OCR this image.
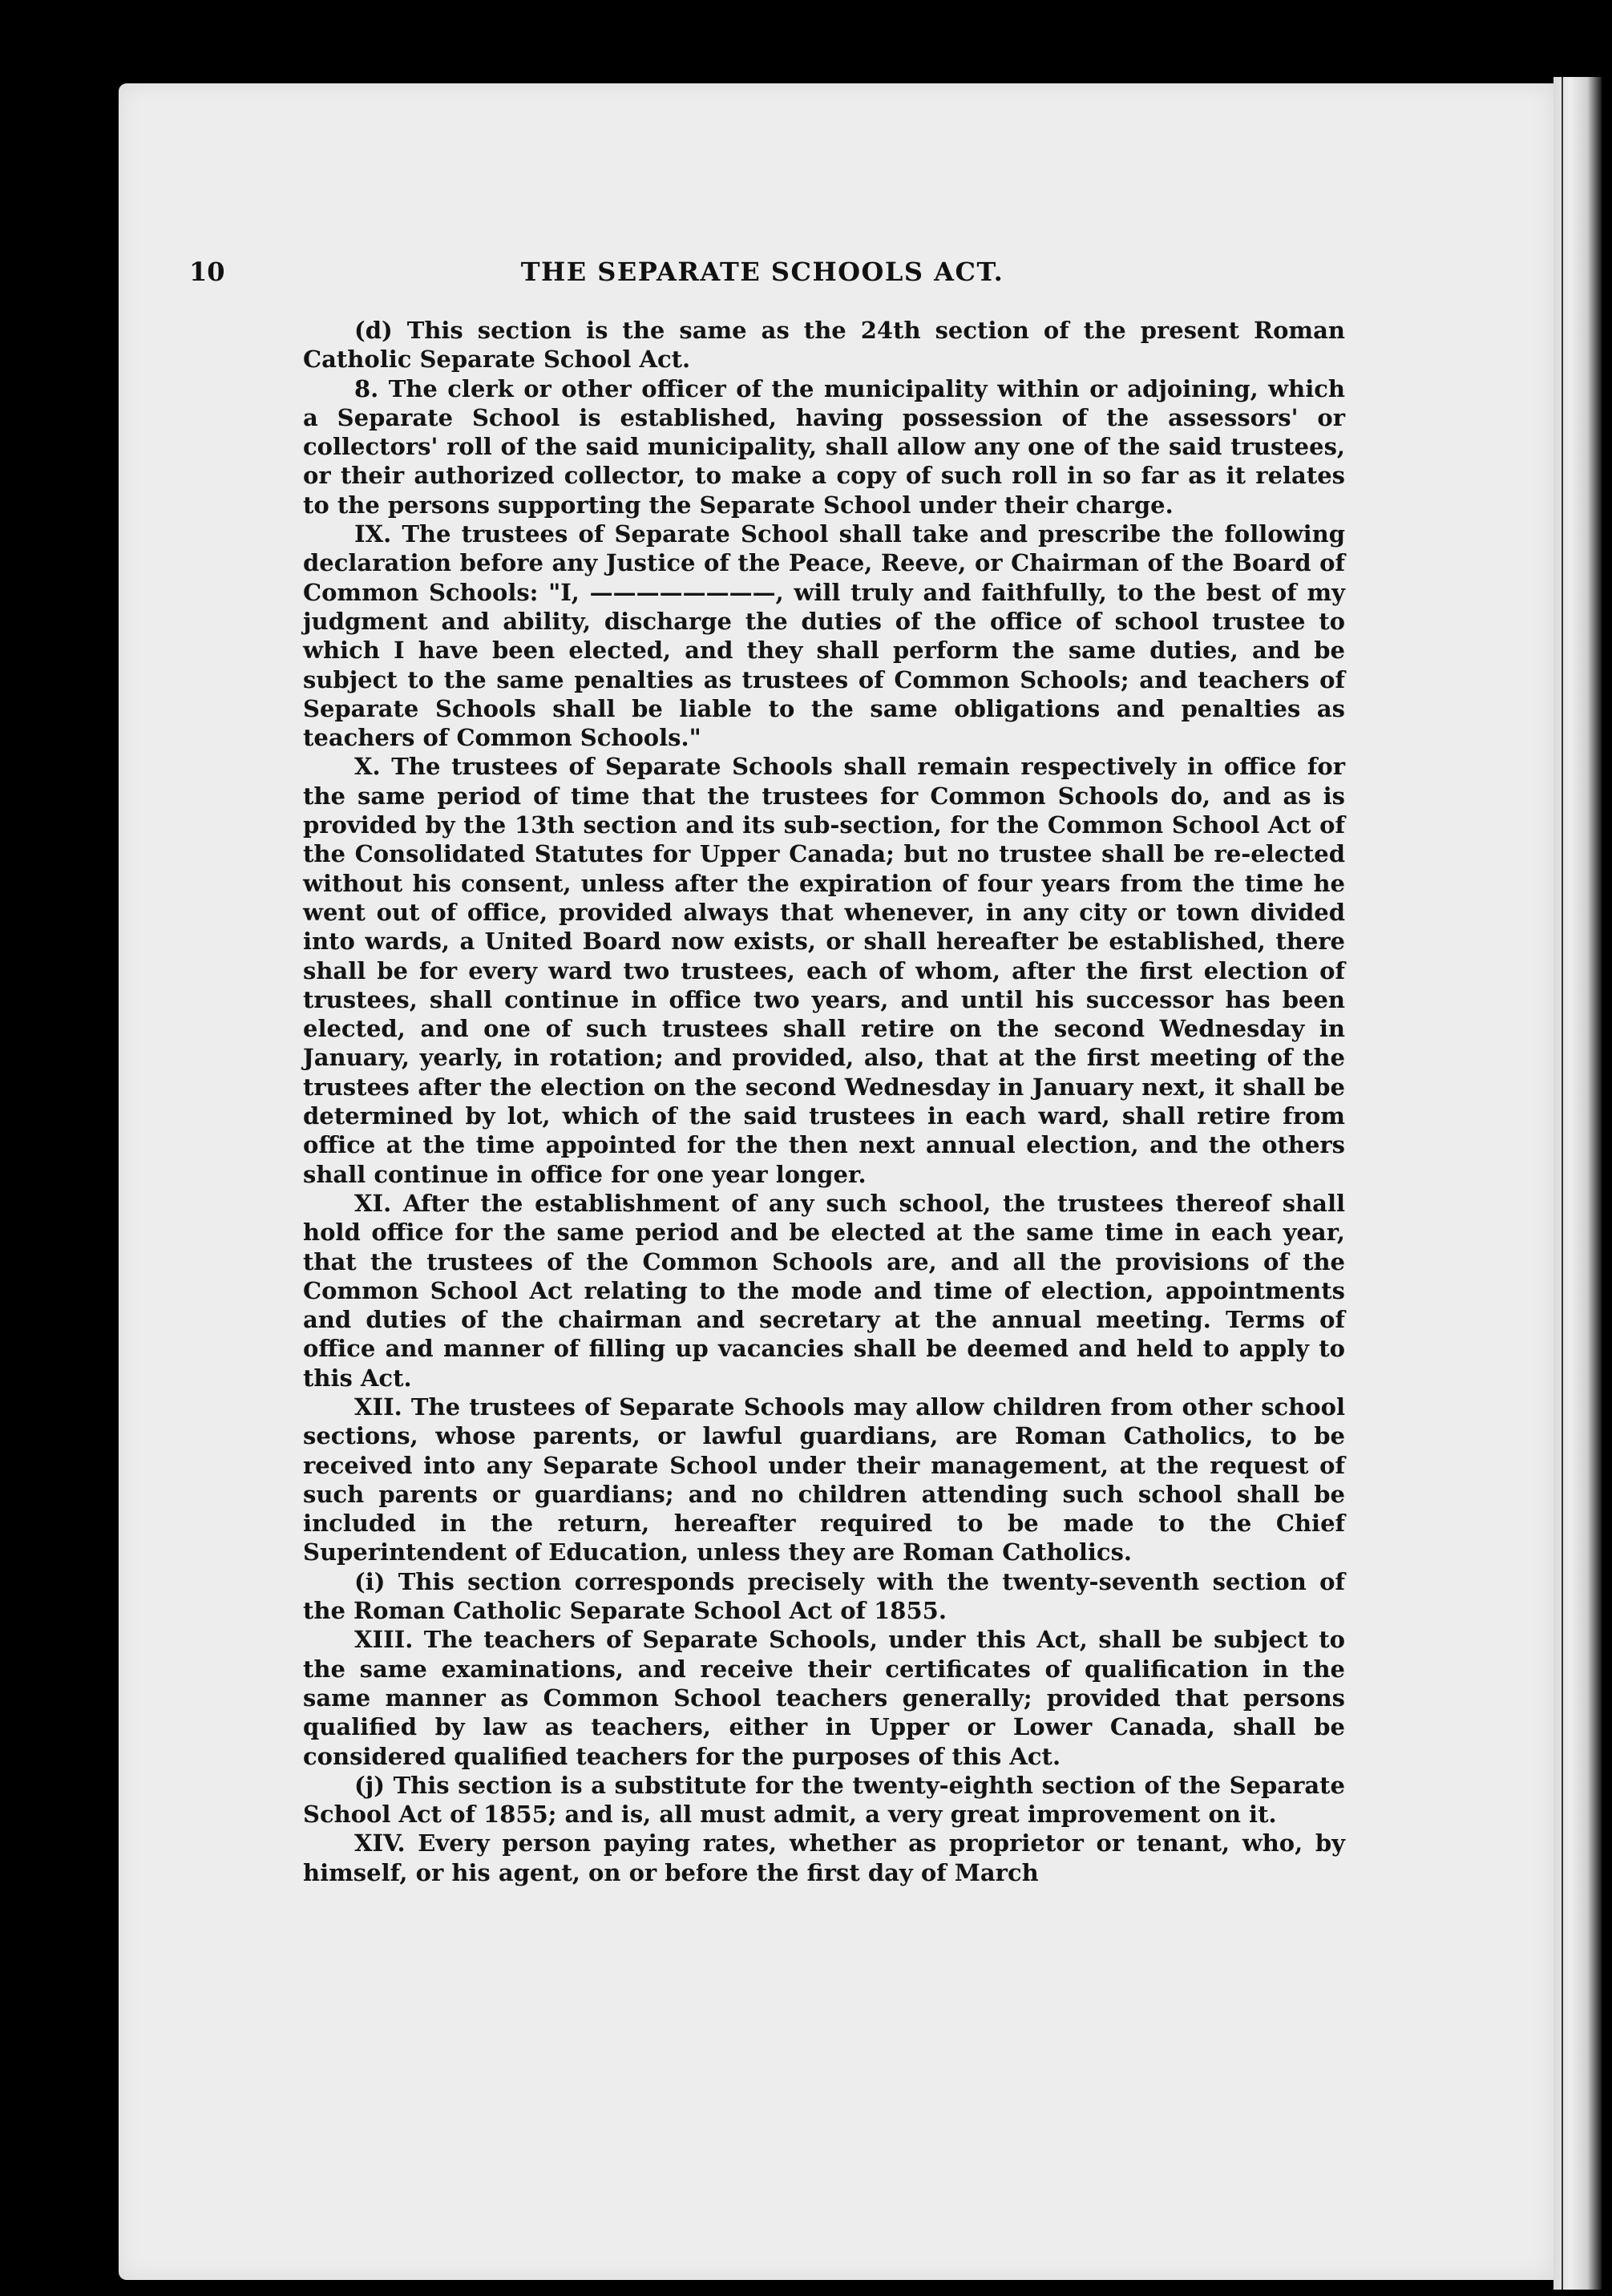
10	THE SEPARATE SCHOOLS ACT.

(d) This section is the same as the 24th section of the present Roman Catholic Separate School Act.

8. The clerk or other officer of the municipality within or adjoining, which a Separate School is established, having possession of the assessors' or collectors' roll of the said municipality, shall allow any one of the said trustees, or their authorized collector, to make a copy of such roll in so far as it relates to the persons supporting the Separate School under their charge.

IX. The trustees of Separate School shall take and prescribe the following declaration before any Justice of the Peace, Reeve, or Chairman of the Board of Common Schools: "I, ————————, will truly and faithfully, to the best of my judgment and ability, discharge the duties of the office of school trustee to which I have been elected, and they shall perform the same duties, and be subject to the same penalties as trustees of Common Schools; and teachers of Separate Schools shall be liable to the same obligations and penalties as teachers of Common Schools."

X. The trustees of Separate Schools shall remain respectively in office for the same period of time that the trustees for Common Schools do, and as is provided by the 13th section and its sub-section, for the Common School Act of the Consolidated Statutes for Upper Canada; but no trustee shall be re-elected without his consent, unless after the expiration of four years from the time he went out of office, provided always that whenever, in any city or town divided into wards, a United Board now exists, or shall hereafter be established, there shall be for every ward two trustees, each of whom, after the first election of trustees, shall continue in office two years, and until his successor has been elected, and one of such trustees shall retire on the second Wednesday in January, yearly, in rotation; and provided, also, that at the first meeting of the trustees after the election on the second Wednesday in January next, it shall be determined by lot, which of the said trustees in each ward, shall retire from office at the time appointed for the then next annual election, and the others shall continue in office for one year longer.

XI. After the establishment of any such school, the trustees thereof shall hold office for the same period and be elected at the same time in each year, that the trustees of the Common Schools are, and all the provisions of the Common School Act relating to the mode and time of election, appointments and duties of the chairman and secretary at the annual meeting. Terms of office and manner of filling up vacancies shall be deemed and held to apply to this Act.

XII. The trustees of Separate Schools may allow children from other school sections, whose parents, or lawful guardians, are Roman Catholics, to be received into any Separate School under their management, at the request of such parents or guardians; and no children attending such school shall be included in the return, hereafter required to be made to the Chief Superintendent of Education, unless they are Roman Catholics.

(i) This section corresponds precisely with the twenty-seventh section of the Roman Catholic Separate School Act of 1855.

XIII. The teachers of Separate Schools, under this Act, shall be subject to the same examinations, and receive their certificates of qualification in the same manner as Common School teachers generally; provided that persons qualified by law as teachers, either in Upper or Lower Canada, shall be considered qualified teachers for the purposes of this Act.

(j) This section is a substitute for the twenty-eighth section of the Separate School Act of 1855; and is, all must admit, a very great improvement on it.

XIV. Every person paying rates, whether as proprietor or tenant, who, by himself, or his agent, on or before the first day of March
